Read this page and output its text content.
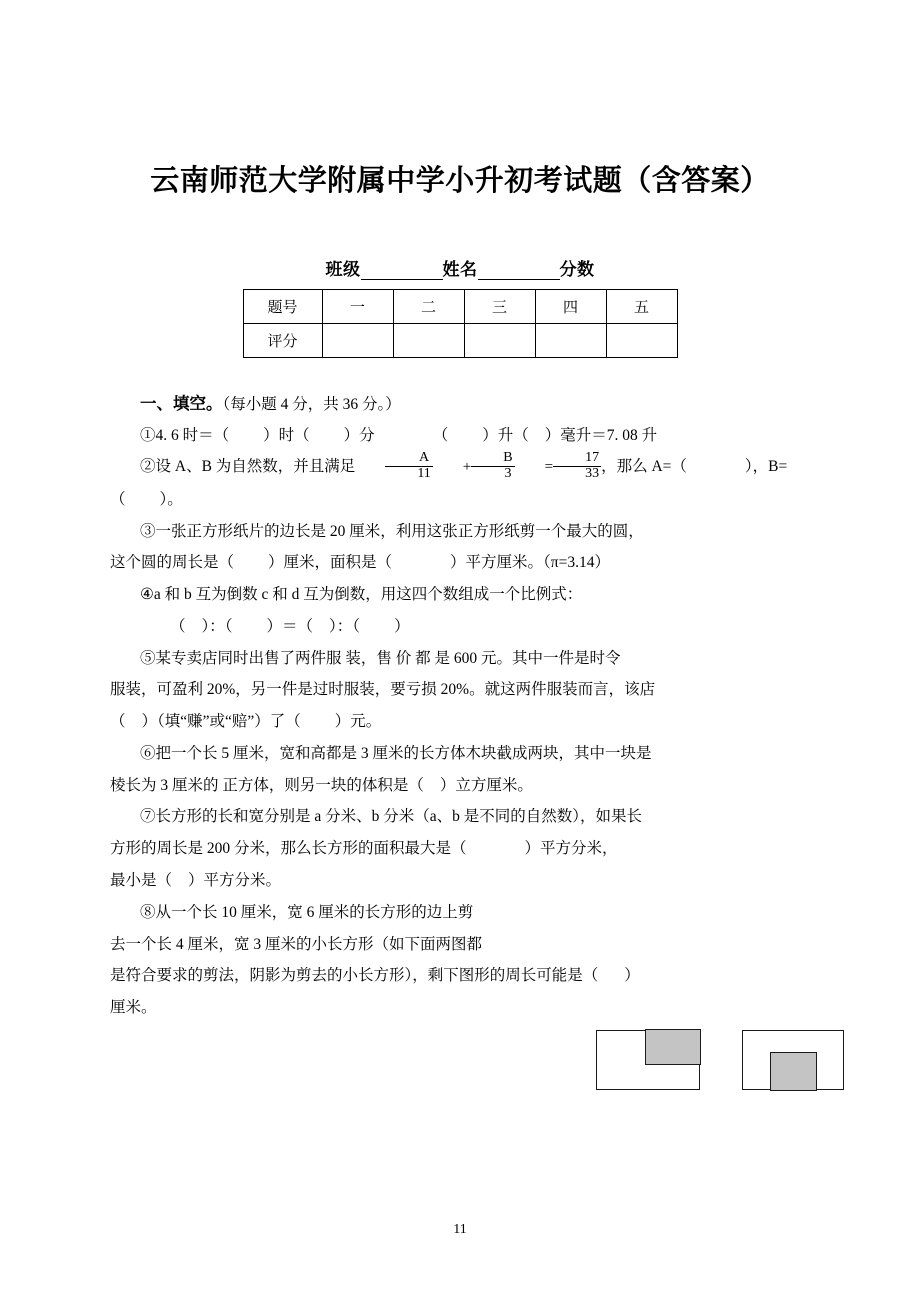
云南师范大学附属中学小升初考试题（含答案）
班级	姓名	分数
题号	一	二	三	四	五
评分					
一、填空。（每小题 4 分，共 36 分。）
①4. 6 时＝（ ）时（ ）分	（ ）升（ ）毫升＝7. 08 升
②设 A、B 为自然数，并且满足 $\frac{A}{11} + \frac{B}{3} = \frac{17}{33}$ ，那么 A=（	），B=
（ ）。
③一张正方形纸片的边长是 20 厘米，利用这张正方形纸剪一个最大的圆，
这个圆的周长是（ ）厘米，面积是（	）平方厘米。（π=3.14）
④a 和 b 互为倒数 c 和 d 互为倒数，用这四个数组成一个比例式：
（ ）：（ ）＝（ ）：（ ）
⑤某专卖店同时出售了两件服 装，售 价 都 是 600 元。其中一件是时令
服装，可盈利 20%，另一件是过时服装，要亏损 20%。就这两件服装而言，该店
（ ）（填“赚”或“赔”）了（ ）元。
⑥把一个长 5 厘米，宽和高都是 3 厘米的长方体木块截成两块，其中一块是
棱长为 3 厘米的 正方体，则另一块的体积是（ ）立方厘米。
⑦长方形的长和宽分别是 a 分米、b 分米（a、b 是不同的自然数），如果长
方形的周长是 200 分米，那么长方形的面积最大是（	）平方分米，
最小是（ ）平方分米。
⑧从一个长 10 厘米，宽 6 厘米的长方形的边上剪
去一个长 4 厘米，宽 3 厘米的小长方形（如下面两图都
是符合要求的剪法，阴影为剪去的小长方形），剩下图形的周长可能是（ ）
厘米。
11
